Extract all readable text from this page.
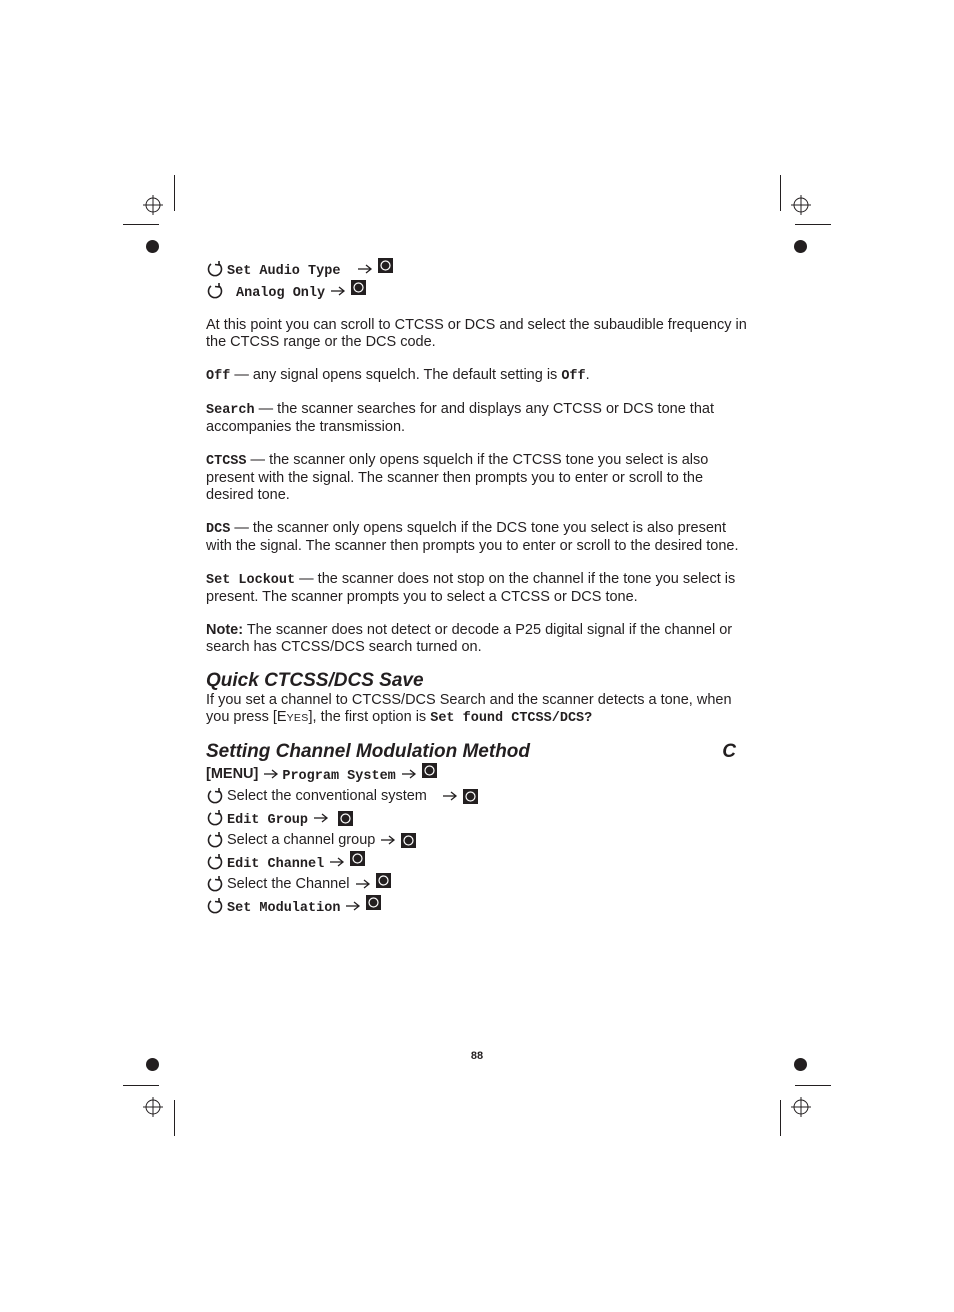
Set Audio Type
Analog Only

At this point you can scroll to CTCSS or DCS and select the subaudible frequency in the CTCSS range or the DCS code.

Off — any signal opens squelch. The default setting is Off.

Search — the scanner searches for and displays any CTCSS or DCS tone that accompanies the transmission.

CTCSS — the scanner only opens squelch if the CTCSS tone you select is also present with the signal. The scanner then prompts you to enter or scroll to the desired tone.

DCS — the scanner only opens squelch if the DCS tone you select is also present with the signal. The scanner then prompts you to enter or scroll to the desired tone.

Set Lockout — the scanner does not stop on the channel if the tone you select is present. The scanner prompts you to select a CTCSS or DCS tone.

Note: The scanner does not detect or decode a P25 digital signal if the channel or search has CTCSS/DCS search turned on.

Quick CTCSS/DCS Save

If you set a channel to CTCSS/DCS Search and the scanner detects a tone, when you press [EYES], the first option is Set found CTCSS/DCS?

Setting Channel Modulation Method	C
[MENU] Program System
Select the conventional system
Edit Group
Select a channel group
Edit Channel
Select the Channel
Set Modulation
88
